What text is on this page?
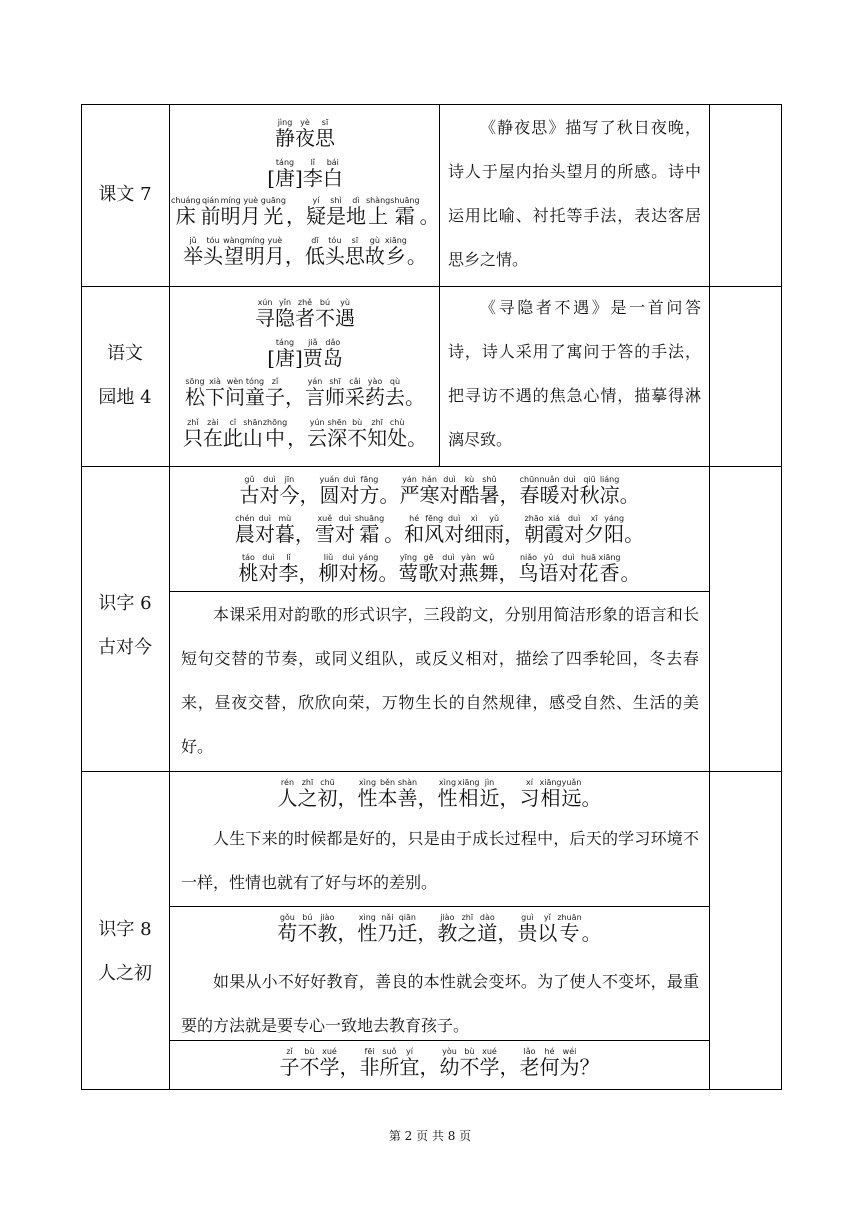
课文 7
静jìng夜yè思sī
[ 唐táng] 李lǐ白bái
床chuáng前qián明míng月yuè光guāng， 疑yí是shì地dì上shàng霜shuāng。
举jǔ头tóu望wàng明míng月yuè， 低dī头tóu思sī故gù乡xiāng。
《静夜思》描写了秋日夜晚，诗人于屋内抬头望月的所感。诗中运用比喻、衬托等手法，表达客居思乡之情。
语文
园地 4
寻xún隐yǐn者zhě不bú遇yù
[ 唐táng] 贾jiǎ岛dǎo
松sōng下xià问wèn童tóng子zǐ， 言yán师shī采cǎi药yào去qù。
只zhǐ在zài此cǐ山shān中zhōng， 云yún深shēn不bù知zhī处chù。
《寻隐者不遇》是一首问答诗，诗人采用了寓问于答的手法，把寻访不遇的焦急心情，描摹得淋漓尽致。
识字 6
古对今
古gǔ对duì今jīn， 圆yuán对duì方fāng。 严yán寒hán对duì酷kù暑shǔ， 春chūn暖nuǎn对duì秋qiū凉liáng。
晨chén对duì暮mù， 雪xuě对duì霜shuāng。 和hé风fēng对duì细xì雨yǔ， 朝zhāo霞xiá对duì夕xī阳yáng。
桃táo对duì李lǐ， 柳liǔ对duì杨yáng。 莺yīng歌gē对duì燕yàn舞wǔ， 鸟niǎo语yǔ对duì花huā香xiāng。
本课采用对韵歌的形式识字，三段韵文，分别用简洁形象的语言和长短句交替的节奏，或同义组队，或反义相对，描绘了四季轮回，冬去春来，昼夜交替，欣欣向荣，万物生长的自然规律，感受自然、生活的美好。
识字 8
人之初
人rén之zhī初chū， 性xìng本běn善shàn， 性xìng相xiāng近jìn， 习xí相xiāng远yuǎn。
人生下来的时候都是好的，只是由于成长过程中，后天的学习环境不一样，性情也就有了好与坏的差别。
苟gǒu不bú教jiào， 性xìng乃nǎi迁qiān， 教jiào之zhī道dào， 贵guì以yǐ专zhuān。
如果从小不好好教育，善良的本性就会变坏。为了使人不变坏，最重要的方法就是要专心一致地去教育孩子。
子zǐ不bù学xué， 非fēi所suǒ宜yí， 幼yòu不bù学xué， 老lǎo何hé为wéi？
第 2 页 共 8 页
